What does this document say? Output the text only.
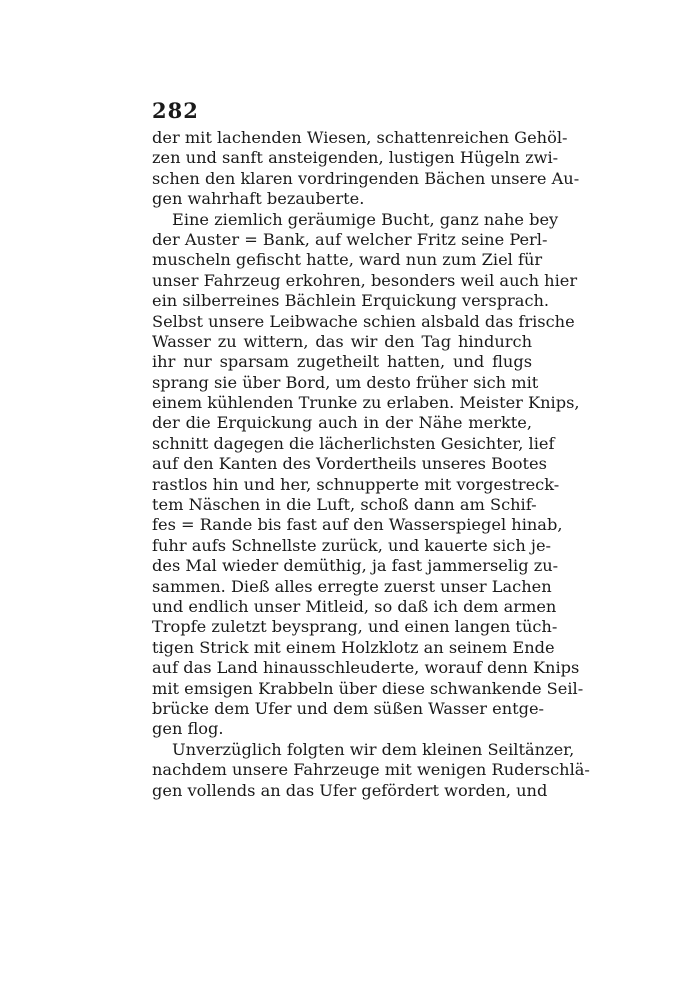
282
der mit lachenden Wiesen, schattenreichen Gehöl-
zen und sanft ansteigenden, lustigen Hügeln zwi-
schen den klaren vordringenden Bächen unsere Au-
gen wahrhaft bezauberte.
Eine ziemlich geräumige Bucht, ganz nahe bey
der Auster = Bank, auf welcher Fritz seine Perl-
muscheln gefischt hatte, ward nun zum Ziel für
unser Fahrzeug erkohren, besonders weil auch hier
ein silberreines Bächlein Erquickung versprach.
Selbst unsere Leibwache schien alsbald das frische
Wasser zu wittern, das wir den Tag hindurch
ihr nur sparsam zugetheilt hatten, und flugs
sprang sie über Bord, um desto früher sich mit
einem kühlenden Trunke zu erlaben. Meister Knips,
der die Erquickung auch in der Nähe merkte,
schnitt dagegen die lächerlichsten Gesichter, lief
auf den Kanten des Vordertheils unseres Bootes
rastlos hin und her, schnupperte mit vorgestreck-
tem Näschen in die Luft, schoß dann am Schif-
fes = Rande bis fast auf den Wasserspiegel hinab,
fuhr aufs Schnellste zurück, und kauerte sich je-
des Mal wieder demüthig, ja fast jammerselig zu-
sammen. Dieß alles erregte zuerst unser Lachen
und endlich unser Mitleid, so daß ich dem armen
Tropfe zuletzt beysprang, und einen langen tüch-
tigen Strick mit einem Holzklotz an seinem Ende
auf das Land hinausschleuderte, worauf denn Knips
mit emsigen Krabbeln über diese schwankende Seil-
brücke dem Ufer und dem süßen Wasser entge-
gen flog.
Unverzüglich folgten wir dem kleinen Seiltänzer,
nachdem unsere Fahrzeuge mit wenigen Ruderschlä-
gen vollends an das Ufer gefördert worden, und
